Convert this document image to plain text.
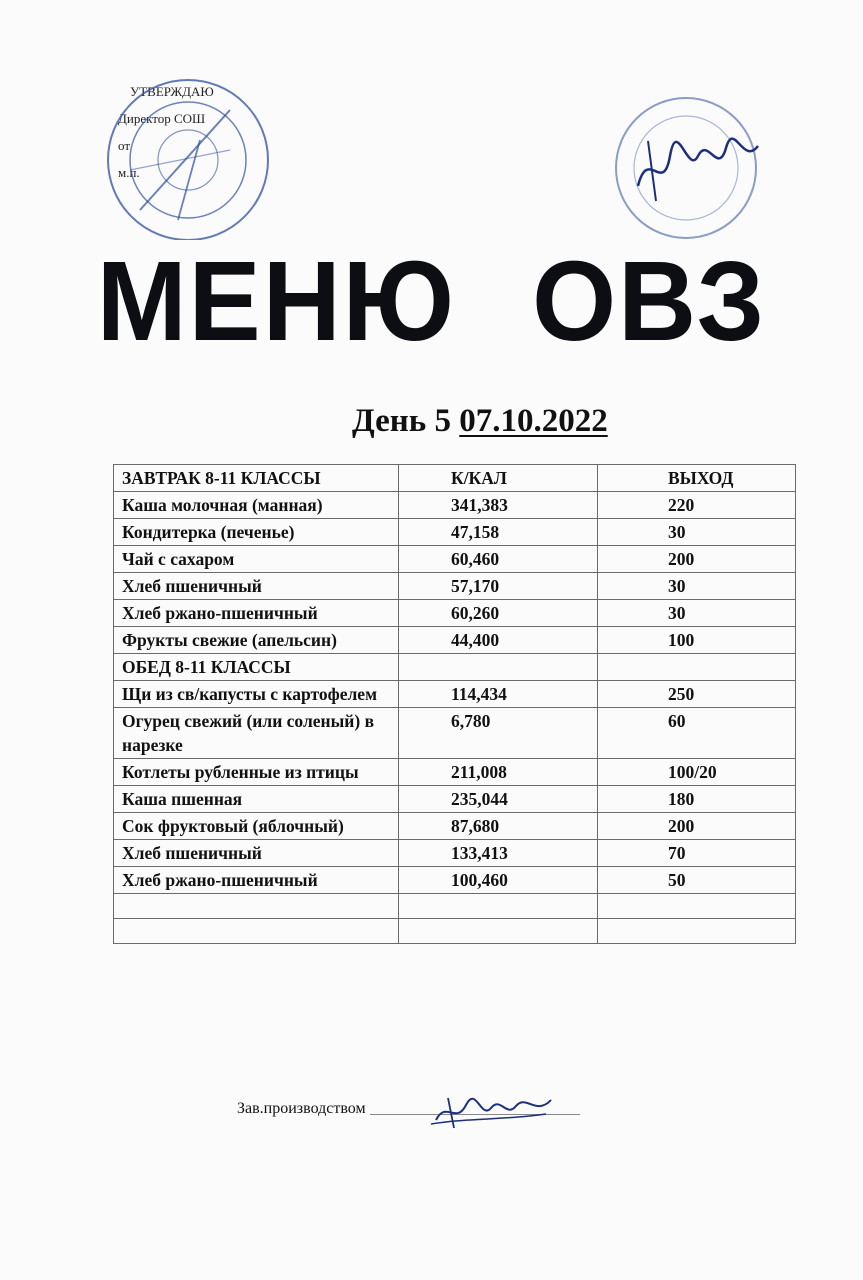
УТВЕРЖДАЮ
Директор СОШ
от
м.п.
МЕНЮ ОВЗ
День 5 07.10.2022
ЗАВТРАК 8-11 КЛАССЫ	К/КАЛ	ВЫХОД
Каша молочная (манная)	341,383	220
Кондитерка (печенье)	47,158	30
Чай с сахаром	60,460	200
Хлеб пшеничный	57,170	30
Хлеб ржано-пшеничный	60,260	30
Фрукты свежие (апельсин)	44,400	100
ОБЕД 8-11 КЛАССЫ		
Щи из св/капусты с картофелем	114,434	250
Огурец свежий (или соленый) в нарезке	6,780	60
Котлеты рубленные из птицы	211,008	100/20
Каша пшенная	235,044	180
Сок фруктовый (яблочный)	87,680	200
Хлеб пшеничный	133,413	70
Хлеб ржано-пшеничный	100,460	50

Зав.производством
